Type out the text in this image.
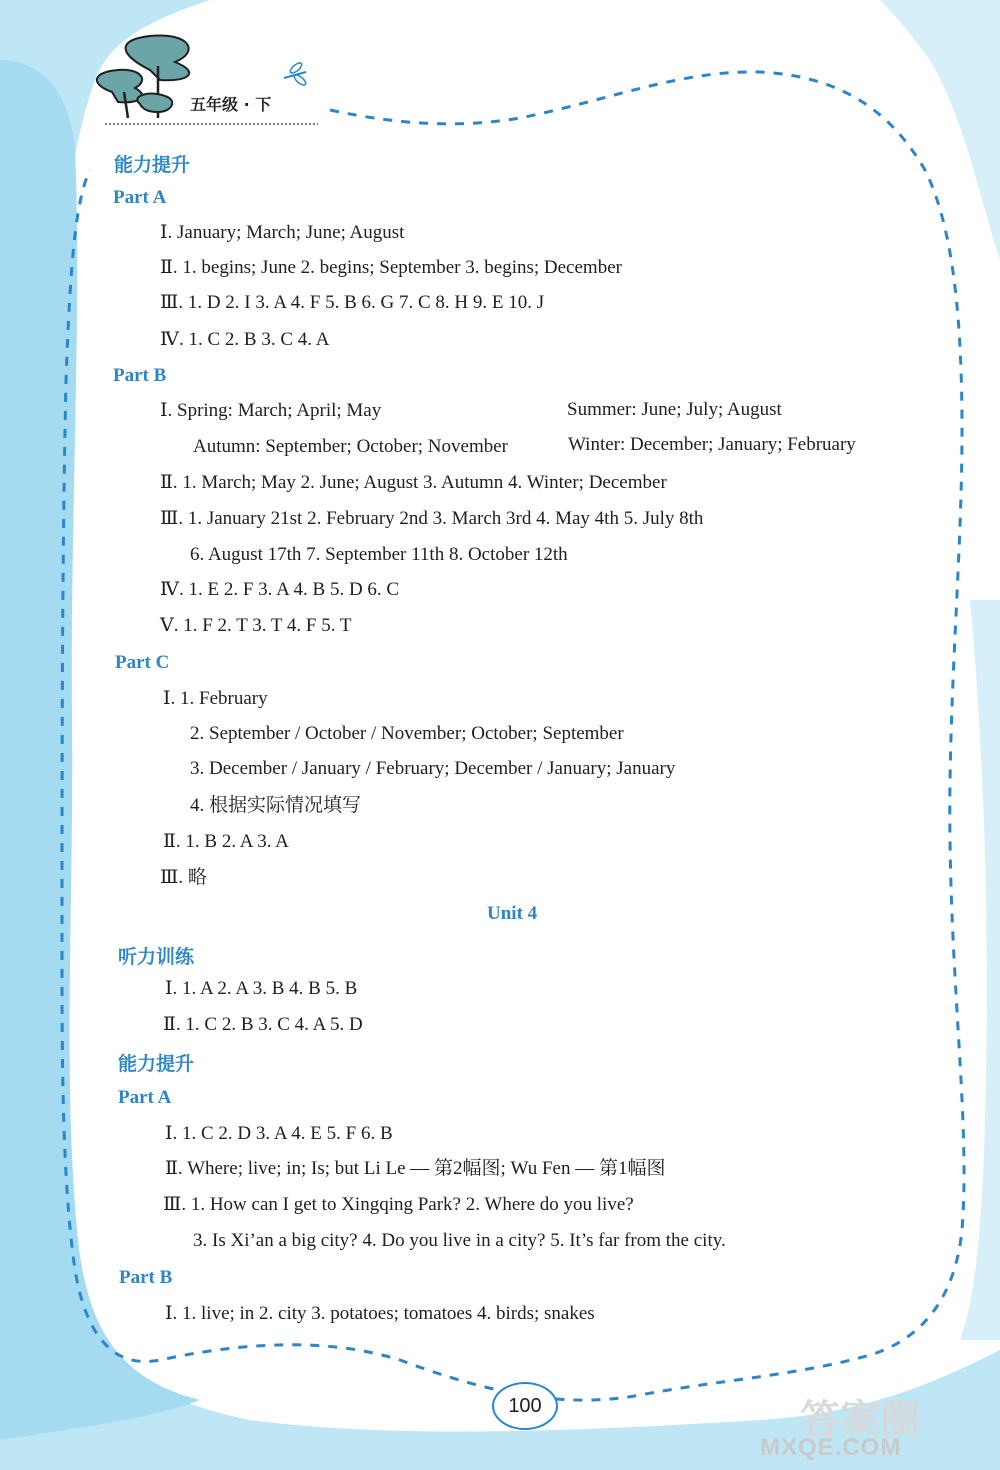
五年级 · 下
能力提升
Part A
Ⅰ. January; March; June; August
Ⅱ. 1. begins; June 2. begins; September 3. begins; December
Ⅲ. 1. D 2. I 3. A 4. F 5. B 6. G 7. C 8. H 9. E 10. J
Ⅳ. 1. C 2. B 3. C 4. A
Part B
Ⅰ. Spring: March; April; May	Summer: June; July; August
Autumn: September; October; November	Winter: December; January; February
Ⅱ. 1. March; May 2. June; August 3. Autumn 4. Winter; December
Ⅲ. 1. January 21st 2. February 2nd 3. March 3rd 4. May 4th 5. July 8th
6. August 17th 7. September 11th 8. October 12th
Ⅳ. 1. E 2. F 3. A 4. B 5. D 6. C
Ⅴ. 1. F 2. T 3. T 4. F 5. T
Part C
Ⅰ. 1. February
2. September / October / November; October; September
3. December / January / February; December / January; January
4. 根据实际情况填写
Ⅱ. 1. B 2. A 3. A
Ⅲ. 略
Unit 4
听力训练
Ⅰ. 1. A 2. A 3. B 4. B 5. B
Ⅱ. 1. C 2. B 3. C 4. A 5. D
能力提升
Part A
Ⅰ. 1. C 2. D 3. A 4. E 5. F 6. B
Ⅱ. Where; live; in; Is; but Li Le — 第2幅图; Wu Fen — 第1幅图
Ⅲ. 1. How can I get to Xingqing Park? 2. Where do you live?
3. Is Xi’an a big city? 4. Do you live in a city? 5. It’s far from the city.
Part B
Ⅰ. 1. live; in 2. city 3. potatoes; tomatoes 4. birds; snakes
100	答案圈
MXQE.COM
